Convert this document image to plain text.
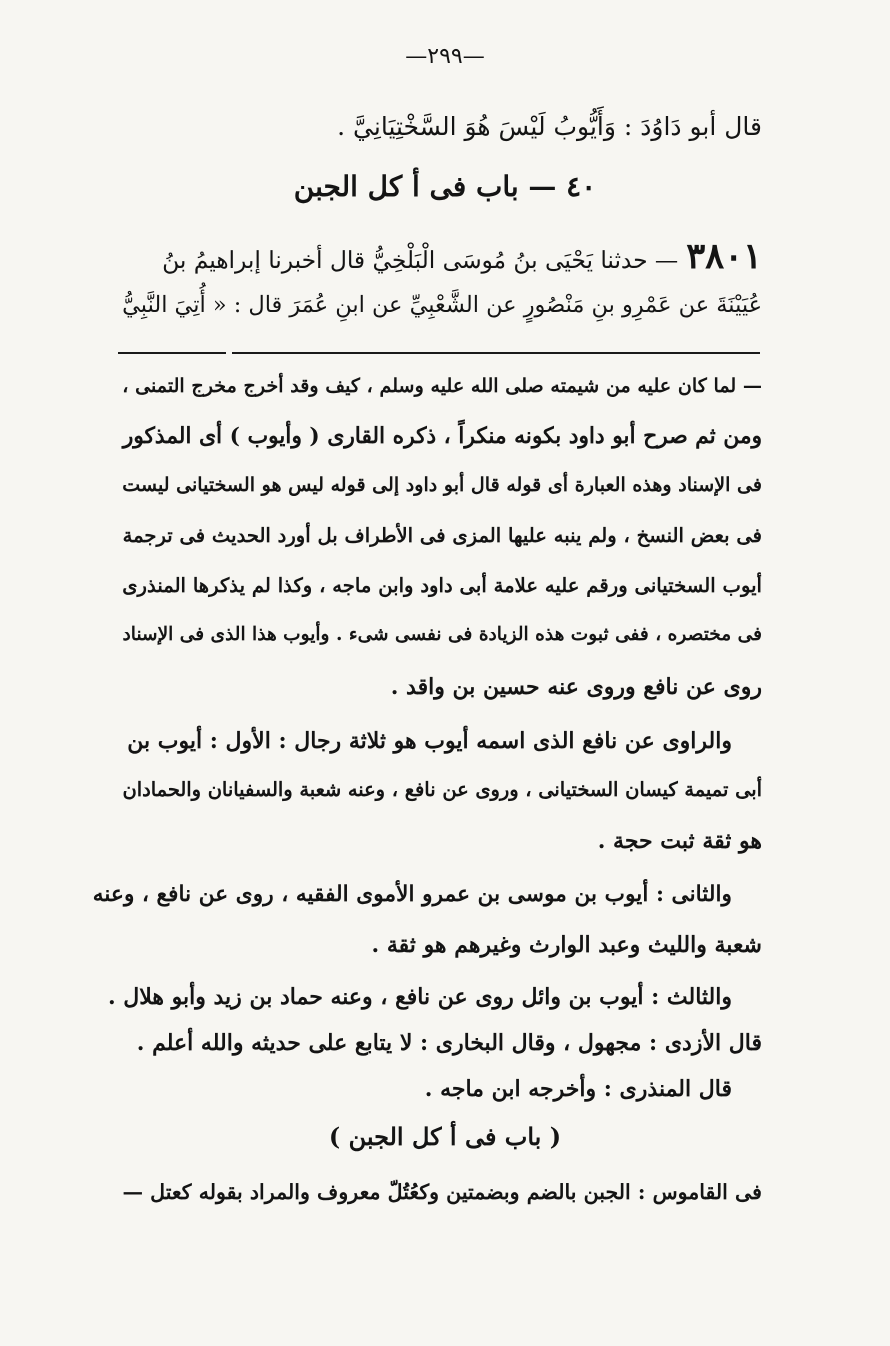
—٢٩٩—
قال أبو دَاوُدَ : وَأَيُّوبُ لَيْسَ هُوَ السَّخْتِيَانِيَّ .
٤٠ — باب فى أ كل الجبن
٣٨٠١ — حدثنا يَحْيَى بنُ مُوسَى الْبَلْخِيُّ قال أخبرنا إبراهيمُ بنُ
عُيَيْنَةَ عن عَمْرِو بنِ مَنْصُورٍ عن الشَّعْبِيِّ عن ابنِ عُمَرَ قال : « أُتِيَ النَّبِيُّ
— لما كان عليه من شيمته صلى الله عليه وسلم ، كيف وقد أخرج مخرج التمنى ،
ومن ثم صرح أبو داود بكونه منكراً ، ذكره القارى ( وأيوب ) أى المذكور
فى الإسناد وهذه العبارة أى قوله قال أبو داود إلى قوله ليس هو السختيانى ليست
فى بعض النسخ ، ولم ينبه عليها المزى فى الأطراف بل أورد الحديث فى ترجمة
أيوب السختيانى ورقم عليه علامة أبى داود وابن ماجه ، وكذا لم يذكرها المنذرى
فى مختصره ، ففى ثبوت هذه الزيادة فى نفسى شىء . وأيوب هذا الذى فى الإسناد
روى عن نافع وروى عنه حسين بن واقد .
والراوى عن نافع الذى اسمه أيوب هو ثلاثة رجال : الأول : أيوب بن
أبى تميمة كيسان السختيانى ، وروى عن نافع ، وعنه شعبة والسفيانان والحمادان
هو ثقة ثبت حجة .
والثانى : أيوب بن موسى بن عمرو الأموى الفقيه ، روى عن نافع ، وعنه
شعبة والليث وعبد الوارث وغيرهم هو ثقة .
والثالث : أيوب بن وائل روى عن نافع ، وعنه حماد بن زيد وأبو هلال .
قال الأزدى : مجهول ، وقال البخارى : لا يتابع على حديثه والله أعلم .
قال المنذرى : وأخرجه ابن ماجه .
( باب فى أ كل الجبن )
فى القاموس : الجبن بالضم وبضمتين وكعُتُلّ معروف والمراد بقوله كعتل —
